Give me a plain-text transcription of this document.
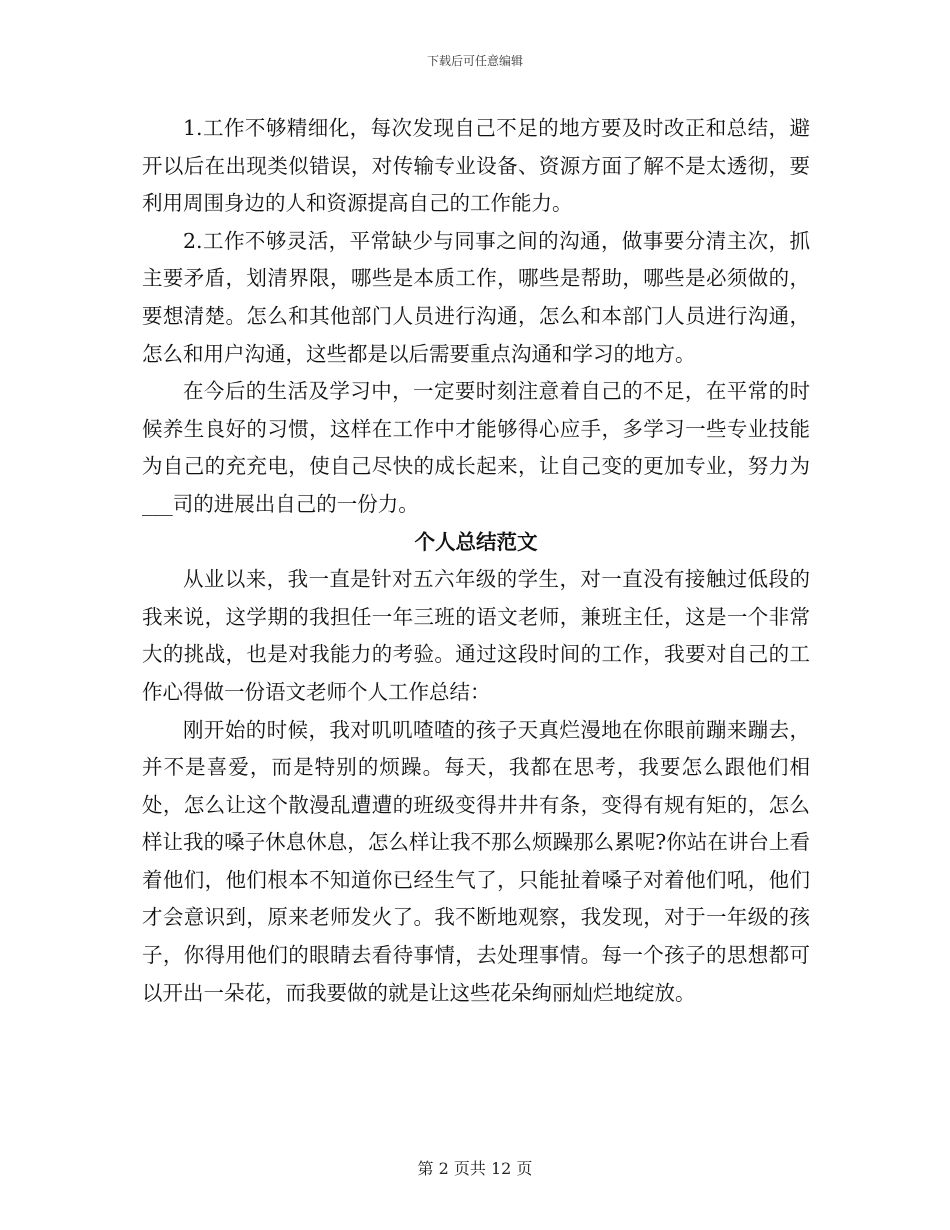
下载后可任意编辑

1.工作不够精细化，每次发现自己不足的地方要及时改正和总结，避开以后在出现类似错误，对传输专业设备、资源方面了解不是太透彻，要利用周围身边的人和资源提高自己的工作能力。

2.工作不够灵活，平常缺少与同事之间的沟通，做事要分清主次，抓主要矛盾，划清界限，哪些是本质工作，哪些是帮助，哪些是必须做的，要想清楚。怎么和其他部门人员进行沟通，怎么和本部门人员进行沟通，怎么和用户沟通，这些都是以后需要重点沟通和学习的地方。

在今后的生活及学习中，一定要时刻注意着自己的不足，在平常的时候养生良好的习惯，这样在工作中才能够得心应手，多学习一些专业技能为自己的充充电，使自己尽快的成长起来，让自己变的更加专业，努力为___司的进展出自己的一份力。

个人总结范文

从业以来，我一直是针对五六年级的学生，对一直没有接触过低段的我来说，这学期的我担任一年三班的语文老师，兼班主任，这是一个非常大的挑战，也是对我能力的考验。通过这段时间的工作，我要对自己的工作心得做一份语文老师个人工作总结：

刚开始的时候，我对叽叽喳喳的孩子天真烂漫地在你眼前蹦来蹦去，并不是喜爱，而是特别的烦躁。每天，我都在思考，我要怎么跟他们相处，怎么让这个散漫乱遭遭的班级变得井井有条，变得有规有矩的，怎么样让我的嗓子休息休息，怎么样让我不那么烦躁那么累呢?你站在讲台上看着他们，他们根本不知道你已经生气了，只能扯着嗓子对着他们吼，他们才会意识到，原来老师发火了。我不断地观察，我发现，对于一年级的孩子，你得用他们的眼睛去看待事情，去处理事情。每一个孩子的思想都可以开出一朵花，而我要做的就是让这些花朵绚丽灿烂地绽放。

第 2 页共 12 页
